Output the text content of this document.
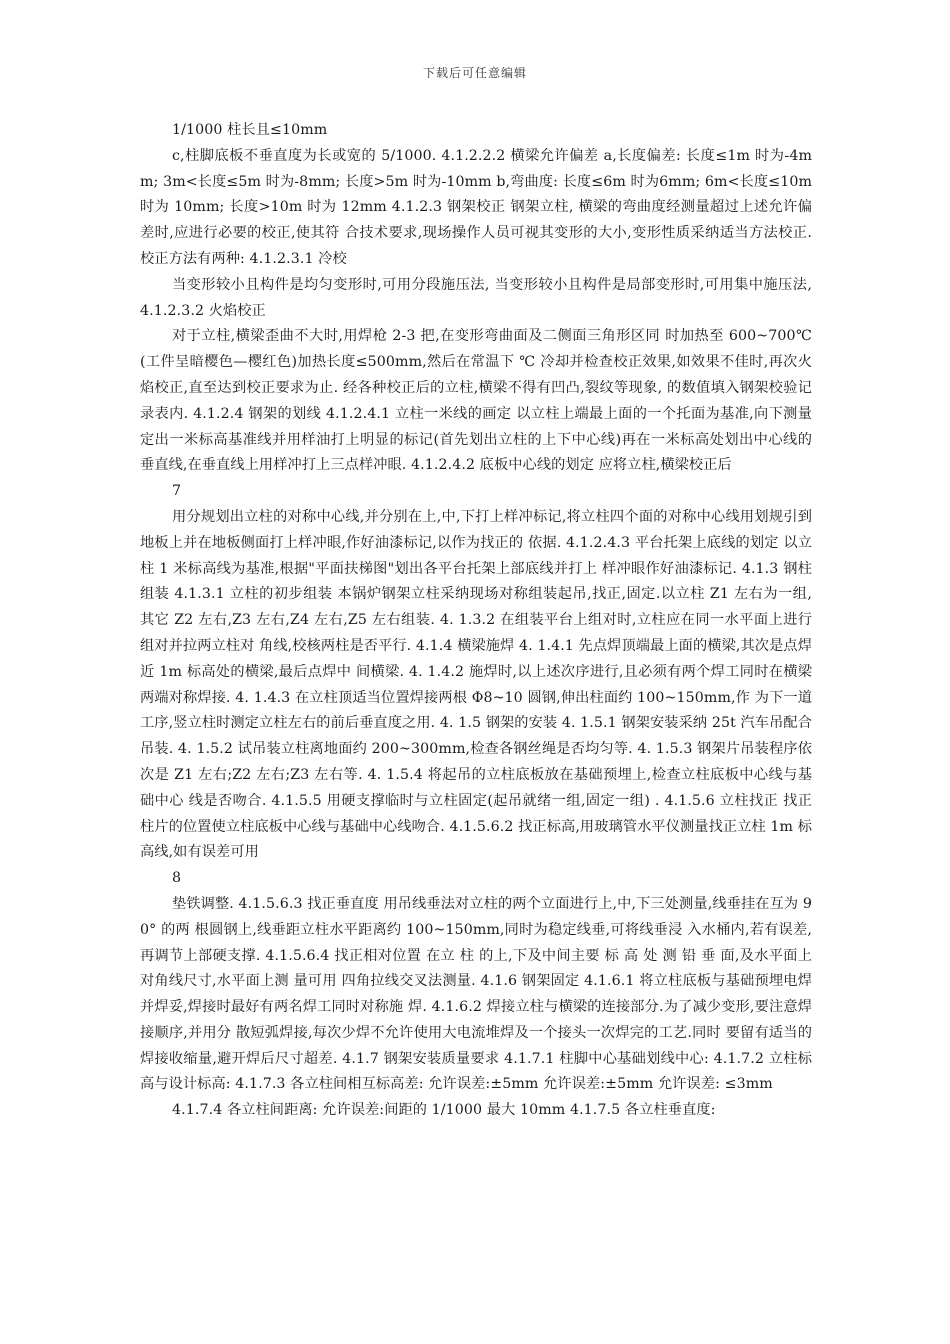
下载后可任意编辑

1/1000 柱长且≤10mm

c,柱脚底板不垂直度为长或宽的 5/1000. 4.1.2.2.2 横梁允许偏差 a,长度偏差: 长度≤1m 时为-4mm; 3m<长度≤5m 时为-8mm; 长度>5m 时为-10mm b,弯曲度: 长度≤6m 时为6mm; 6m<长度≤10m 时为 10mm; 长度>10m 时为 12mm 4.1.2.3 钢架校正 钢架立柱, 横梁的弯曲度经测量超过上述允许偏差时,应进行必要的校正,使其符 合技术要求,现场操作人员可视其变形的大小,变形性质采纳适当方法校正. 校正方法有两种: 4.1.2.3.1 冷校

当变形较小且构件是均匀变形时,可用分段施压法, 当变形较小且构件是局部变形时,可用集中施压法, 4.1.2.3.2 火焰校正

对于立柱,横梁歪曲不大时,用焊枪 2-3 把,在变形弯曲面及二侧面三角形区同 时加热至 600~700℃(工件呈暗樱色—樱红色)加热长度≤500mm,然后在常温下 ℃ 冷却并检查校正效果,如效果不佳时,再次火焰校正,直至达到校正要求为止. 经各种校正后的立柱,横梁不得有凹凸,裂纹等现象, 的数值填入钢架校验记录表内. 4.1.2.4 钢架的划线 4.1.2.4.1 立柱一米线的画定 以立柱上端最上面的一个托面为基准,向下测量定出一米标高基准线并用样油打上明显的标记(首先划出立柱的上下中心线)再在一米标高处划出中心线的 垂直线,在垂直线上用样冲打上三点样冲眼. 4.1.2.4.2 底板中心线的划定 应将立柱,横梁校正后

7

用分规划出立柱的对称中心线,并分别在上,中,下打上样冲标记,将立柱四个面的对称中心线用划规引到地板上并在地板侧面打上样冲眼,作好油漆标记,以作为找正的 依据. 4.1.2.4.3 平台托架上底线的划定 以立柱 1 米标高线为基准,根据"平面扶梯图"划出各平台托架上部底线并打上 样冲眼作好油漆标记. 4.1.3 钢柱组装 4.1.3.1 立柱的初步组装 本锅炉钢架立柱采纳现场对称组装起吊,找正,固定.以立柱 Z1 左右为一组, 其它 Z2 左右,Z3 左右,Z4 左右,Z5 左右组装. 4. 1.3.2 在组装平台上组对时,立柱应在同一水平面上进行组对并拉两立柱对 角线,校核两柱是否平行. 4.1.4 横梁施焊 4. 1.4.1 先点焊顶端最上面的横梁,其次是点焊近 1m 标高处的横梁,最后点焊中 间横梁. 4. 1.4.2 施焊时,以上述次序进行,且必须有两个焊工同时在横梁两端对称焊接. 4. 1.4.3 在立柱顶适当位置焊接两根 Φ8~10 圆钢,伸出柱面约 100~150mm,作 为下一道工序,竖立柱时测定立柱左右的前后垂直度之用. 4. 1.5 钢架的安装 4. 1.5.1 钢架安装采纳 25t 汽车吊配合吊装. 4. 1.5.2 试吊装立柱离地面约 200~300mm,检查各钢丝绳是否均匀等. 4. 1.5.3 钢架片吊装程序依次是 Z1 左右;Z2 左右;Z3 左右等. 4. 1.5.4 将起吊的立柱底板放在基础预埋上,检查立柱底板中心线与基础中心 线是否吻合. 4.1.5.5 用硬支撑临时与立柱固定(起吊就绪一组,固定一组) . 4.1.5.6 立柱找正 找正柱片的位置使立柱底板中心线与基础中心线吻合. 4.1.5.6.2 找正标高,用玻璃管水平仪测量找正立柱 1m 标高线,如有误差可用

8

垫铁调整. 4.1.5.6.3 找正垂直度 用吊线垂法对立柱的两个立面进行上,中,下三处测量,线垂挂在互为 90° 的两 根圆钢上,线垂距立柱水平距离约 100~150mm,同时为稳定线垂,可将线垂浸 入水桶内,若有误差,再调节上部硬支撑. 4.1.5.6.4 找正相对位置 在立 柱 的上,下及中间主要 标 高 处 测 铅 垂 面,及水平面上对角线尺寸,水平面上测 量可用 四角拉线交叉法测量. 4.1.6 钢架固定 4.1.6.1 将立柱底板与基础预埋电焊并焊妥,焊接时最好有两名焊工同时对称施 焊. 4.1.6.2 焊接立柱与横梁的连接部分.为了减少变形,要注意焊接顺序,并用分 散短弧焊接,每次少焊不允许使用大电流堆焊及一个接头一次焊完的工艺.同时 要留有适当的焊接收缩量,避开焊后尺寸超差. 4.1.7 钢架安装质量要求 4.1.7.1 柱脚中心基础划线中心: 4.1.7.2 立柱标高与设计标高: 4.1.7.3 各立柱间相互标高差: 允许误差:±5mm 允许误差:±5mm 允许误差: ≤3mm

4.1.7.4 各立柱间距离: 允许误差:间距的 1/1000 最大 10mm 4.1.7.5 各立柱垂直度:
